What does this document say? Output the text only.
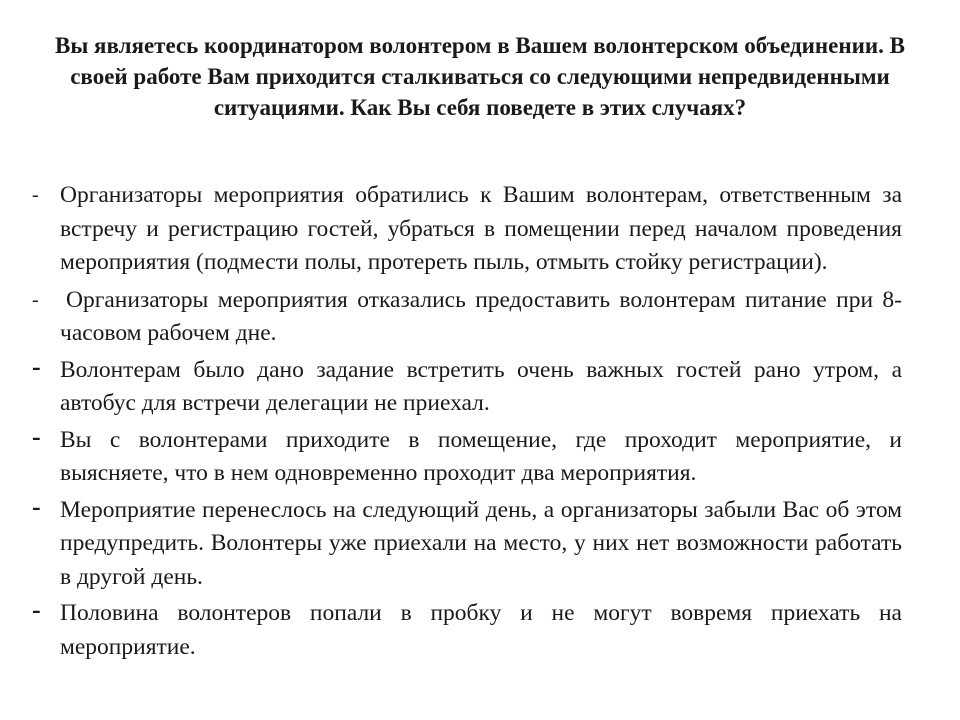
Вы являетесь координатором волонтером в Вашем волонтерском объединении. В своей работе Вам приходится сталкиваться со следующими непредвиденными ситуациями. Как Вы себя поведете в этих случаях?
- Организаторы мероприятия обратились к Вашим волонтерам, ответственным за встречу и регистрацию гостей, убраться в помещении перед началом проведения мероприятия (подмести полы, протереть пыль, отмыть стойку регистрации).
-	Организаторы мероприятия отказались предоставить волонтерам питание при 8-часовом рабочем дне.
- Волонтерам было дано задание встретить очень важных гостей рано утром, а автобус для встречи делегации не приехал.
- Вы с волонтерами приходите в помещение, где проходит мероприятие, и выясняете, что в нем одновременно проходит два мероприятия.
- Мероприятие перенеслось на следующий день, а организаторы забыли Вас об этом предупредить. Волонтеры уже приехали на место, у них нет возможности работать в другой день.
- Половина волонтеров попали в пробку и не могут вовремя приехать на мероприятие.
